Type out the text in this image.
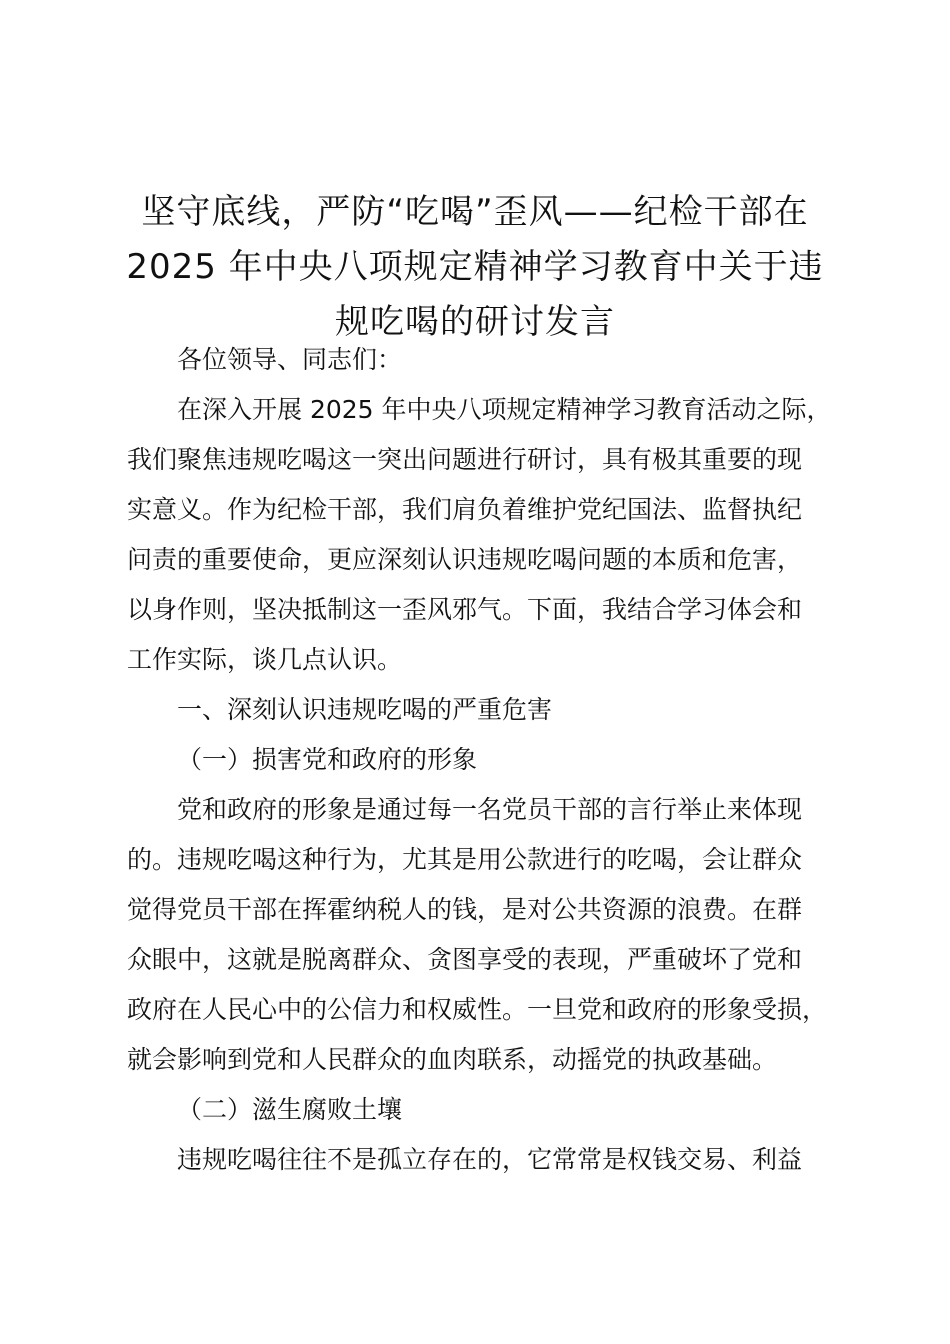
坚守底线，严防“吃喝”歪风——纪检干部在
2025 年中央八项规定精神学习教育中关于违
规吃喝的研讨发言

各位领导、同志们：

在深入开展 2025 年中央八项规定精神学习教育活动之际，
我们聚焦违规吃喝这一突出问题进行研讨，具有极其重要的现
实意义。作为纪检干部，我们肩负着维护党纪国法、监督执纪
问责的重要使命，更应深刻认识违规吃喝问题的本质和危害，
以身作则，坚决抵制这一歪风邪气。下面，我结合学习体会和
工作实际，谈几点认识。

一、深刻认识违规吃喝的严重危害

（一）损害党和政府的形象

党和政府的形象是通过每一名党员干部的言行举止来体现
的。违规吃喝这种行为，尤其是用公款进行的吃喝，会让群众
觉得党员干部在挥霍纳税人的钱，是对公共资源的浪费。在群
众眼中，这就是脱离群众、贪图享受的表现，严重破坏了党和
政府在人民心中的公信力和权威性。一旦党和政府的形象受损，
就会影响到党和人民群众的血肉联系，动摇党的执政基础。

（二）滋生腐败土壤

违规吃喝往往不是孤立存在的，它常常是权钱交易、利益
